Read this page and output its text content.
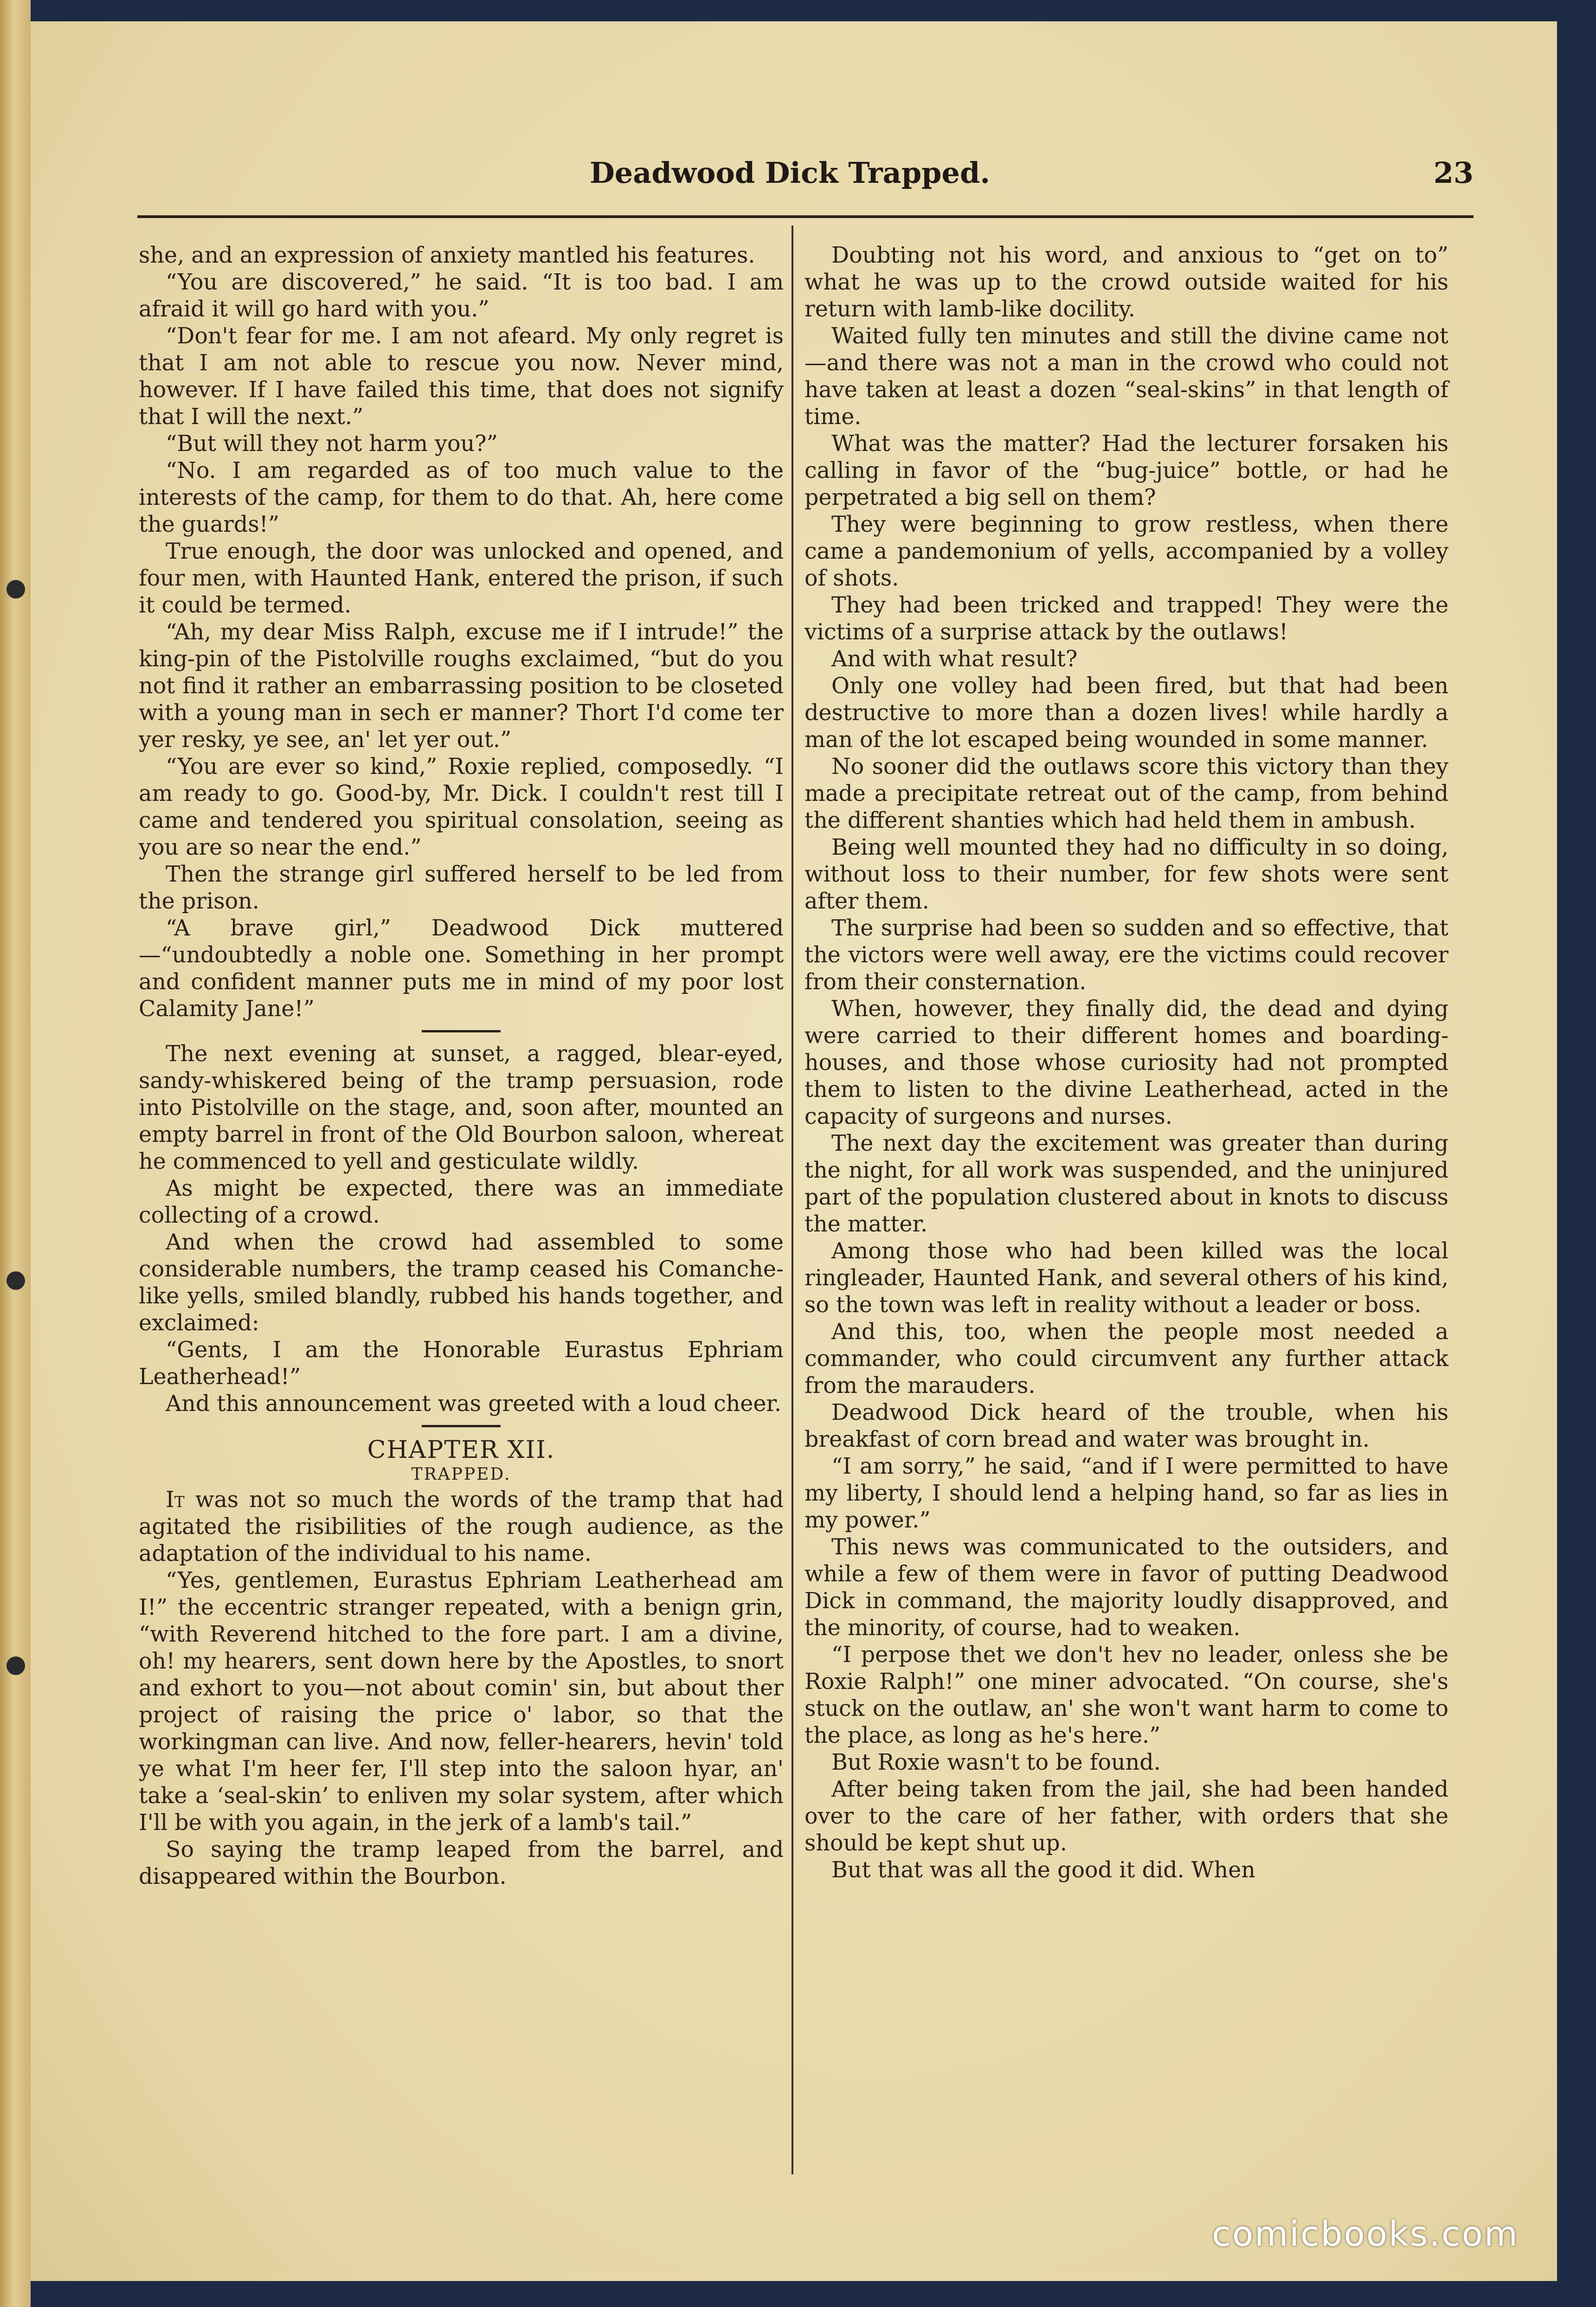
Deadwood Dick Trapped.	23

she, and an expression of anxiety mantled his features.

“You are discovered,” he said. “It is too bad. I am afraid it will go hard with you.”

“Don't fear for me. I am not afeard. My only regret is that I am not able to rescue you now. Never mind, however. If I have failed this time, that does not signify that I will the next.”

“But will they not harm you?”

“No. I am regarded as of too much value to the interests of the camp, for them to do that. Ah, here come the guards!”

True enough, the door was unlocked and opened, and four men, with Haunted Hank, entered the prison, if such it could be termed.

“Ah, my dear Miss Ralph, excuse me if I intrude!” the king-pin of the Pistolville roughs exclaimed, “but do you not find it rather an embarrassing position to be closeted with a young man in sech er manner? Thort I'd come ter yer resky, ye see, an' let yer out.”

“You are ever so kind,” Roxie replied, composedly. “I am ready to go. Good-by, Mr. Dick. I couldn't rest till I came and tendered you spiritual consolation, seeing as you are so near the end.”

Then the strange girl suffered herself to be led from the prison.

“A brave girl,” Deadwood Dick muttered—“undoubtedly a noble one. Something in her prompt and confident manner puts me in mind of my poor lost Calamity Jane!”

The next evening at sunset, a ragged, blear-eyed, sandy-whiskered being of the tramp persuasion, rode into Pistolville on the stage, and, soon after, mounted an empty barrel in front of the Old Bourbon saloon, whereat he commenced to yell and gesticulate wildly.

As might be expected, there was an immediate collecting of a crowd.

And when the crowd had assembled to some considerable numbers, the tramp ceased his Comanche-like yells, smiled blandly, rubbed his hands together, and exclaimed:

“Gents, I am the Honorable Eurastus Ephriam Leatherhead!”

And this announcement was greeted with a loud cheer.

CHAPTER XII.
TRAPPED.

It was not so much the words of the tramp that had agitated the risibilities of the rough audience, as the adaptation of the individual to his name.

“Yes, gentlemen, Eurastus Ephriam Leatherhead am I!” the eccentric stranger repeated, with a benign grin, “with Reverend hitched to the fore part. I am a divine, oh! my hearers, sent down here by the Apostles, to snort and exhort to you—not about comin' sin, but about ther project of raising the price o' labor, so that the workingman can live. And now, feller-hearers, hevin' told ye what I'm heer fer, I'll step into the saloon hyar, an' take a ‘seal-skin’ to enliven my solar system, after which I'll be with you again, in the jerk of a lamb's tail.”

So saying the tramp leaped from the barrel, and disappeared within the Bourbon.

Doubting not his word, and anxious to “get on to” what he was up to the crowd outside waited for his return with lamb-like docility.

Waited fully ten minutes and still the divine came not—and there was not a man in the crowd who could not have taken at least a dozen “seal-skins” in that length of time.

What was the matter? Had the lecturer forsaken his calling in favor of the “bug-juice” bottle, or had he perpetrated a big sell on them?

They were beginning to grow restless, when there came a pandemonium of yells, accompanied by a volley of shots.

They had been tricked and trapped! They were the victims of a surprise attack by the outlaws!

And with what result?

Only one volley had been fired, but that had been destructive to more than a dozen lives! while hardly a man of the lot escaped being wounded in some manner.

No sooner did the outlaws score this victory than they made a precipitate retreat out of the camp, from behind the different shanties which had held them in ambush.

Being well mounted they had no difficulty in so doing, without loss to their number, for few shots were sent after them.

The surprise had been so sudden and so effective, that the victors were well away, ere the victims could recover from their consternation.

When, however, they finally did, the dead and dying were carried to their different homes and boarding-houses, and those whose curiosity had not prompted them to listen to the divine Leatherhead, acted in the capacity of surgeons and nurses.

The next day the excitement was greater than during the night, for all work was suspended, and the uninjured part of the population clustered about in knots to discuss the matter.

Among those who had been killed was the local ringleader, Haunted Hank, and several others of his kind, so the town was left in reality without a leader or boss.

And this, too, when the people most needed a commander, who could circumvent any further attack from the marauders.

Deadwood Dick heard of the trouble, when his breakfast of corn bread and water was brought in.

“I am sorry,” he said, “and if I were permitted to have my liberty, I should lend a helping hand, so far as lies in my power.”

This news was communicated to the outsiders, and while a few of them were in favor of putting Deadwood Dick in command, the majority loudly disapproved, and the minority, of course, had to weaken.

“I perpose thet we don't hev no leader, onless she be Roxie Ralph!” one miner advocated. “On course, she's stuck on the outlaw, an' she won't want harm to come to the place, as long as he's here.”

But Roxie wasn't to be found.

After being taken from the jail, she had been handed over to the care of her father, with orders that she should be kept shut up.

But that was all the good it did. When

comicbooks.com
